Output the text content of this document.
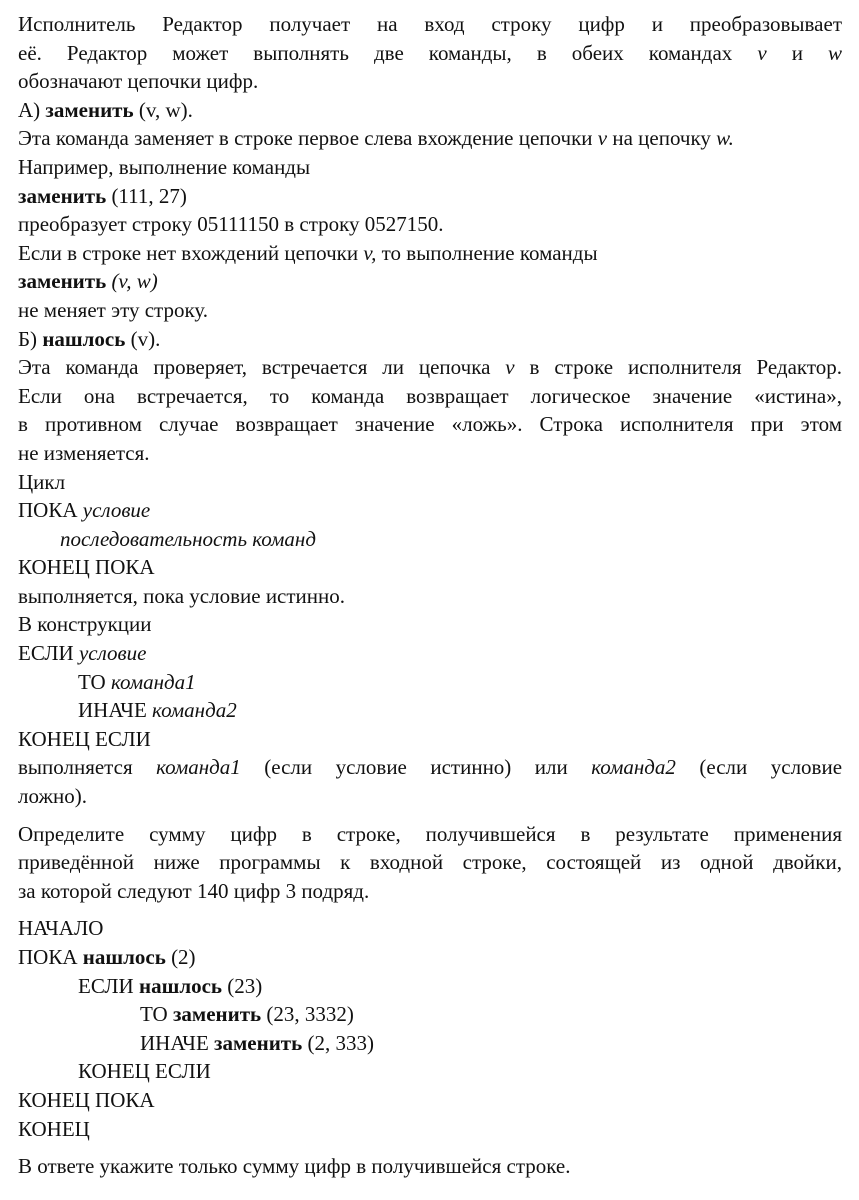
Исполнитель Редактор получает на вход строку цифр и преобразовывает
её. Редактор может выполнять две команды, в обеих командах v и w
обозначают цепочки цифр.
А) заменить (v, w).
Эта команда заменяет в строке первое слева вхождение цепочки v на цепочку w.
Например, выполнение команды
заменить (111, 27)
преобразует строку 05111150 в строку 0527150.
Если в строке нет вхождений цепочки v, то выполнение команды
заменить (v, w)
не меняет эту строку.
Б) нашлось (v).
Эта команда проверяет, встречается ли цепочка v в строке исполнителя Редактор.
Если она встречается, то команда возвращает логическое значение «истина»,
в противном случае возвращает значение «ложь». Строка исполнителя при этом
не изменяется.
Цикл
ПОКА условие
последовательность команд
КОНЕЦ ПОКА
выполняется, пока условие истинно.
В конструкции
ЕСЛИ условие
ТО команда1
ИНАЧЕ команда2
КОНЕЦ ЕСЛИ
выполняется команда1 (если условие истинно) или команда2 (если условие
ложно).
Определите сумму цифр в строке, получившейся в результате применения
приведённой ниже программы к входной строке, состоящей из одной двойки,
за которой следуют 140 цифр 3 подряд.
НАЧАЛО
ПОКА нашлось (2)
ЕСЛИ нашлось (23)
ТО заменить (23, 3332)
ИНАЧЕ заменить (2, 333)
КОНЕЦ ЕСЛИ
КОНЕЦ ПОКА
КОНЕЦ
В ответе укажите только сумму цифр в получившейся строке.
